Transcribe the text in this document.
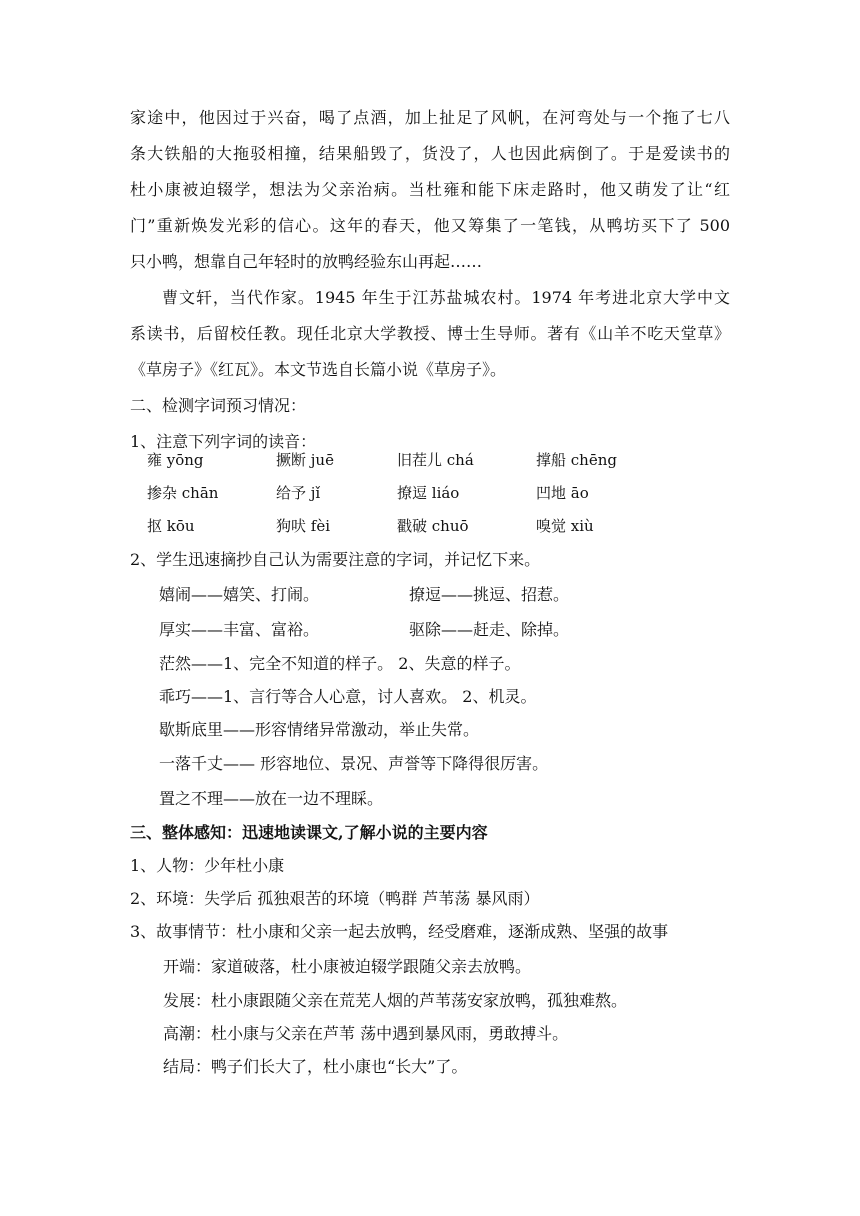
家途中，他因过于兴奋，喝了点酒，加上扯足了风帆，在河弯处与一个拖了七八
条大铁船的大拖驳相撞，结果船毁了，货没了，人也因此病倒了。于是爱读书的
杜小康被迫辍学，想法为父亲治病。当杜雍和能下床走路时，他又萌发了让“红
门”重新焕发光彩的信心。这年的春天，他又筹集了一笔钱，从鸭坊买下了 500
只小鸭，想靠自己年轻时的放鸭经验东山再起……
曹文轩，当代作家。1945 年生于江苏盐城农村。1974 年考进北京大学中文
系读书，后留校任教。现任北京大学教授、博士生导师。著有《山羊不吃天堂草》
《草房子》《红瓦》。本文节选自长篇小说《草房子》。
二、检测字词预习情况：
1、注意下列字词的读音：
雍 yōng	撅断 juē	旧茬儿 chá	撑船 chēng
掺杂 chān	给予 jǐ	撩逗 liáo	凹地 āo
抠 kōu	狗吠 fèi	戳破 chuō	嗅觉 xiù
2、学生迅速摘抄自己认为需要注意的字词，并记忆下来。
嬉闹——嬉笑、打闹。	撩逗——挑逗、招惹。
厚实——丰富、富裕。	驱除——赶走、除掉。
茫然——1、完全不知道的样子。 2、失意的样子。
乖巧——1、言行等合人心意，讨人喜欢。 2、机灵。
歇斯底里——形容情绪异常激动，举止失常。
一落千丈—— 形容地位、景况、声誉等下降得很厉害。
置之不理——放在一边不理睬。
三、整体感知：迅速地读课文,了解小说的主要内容
1、人物：少年杜小康
2、环境：失学后 孤独艰苦的环境（鸭群 芦苇荡 暴风雨）
3、故事情节：杜小康和父亲一起去放鸭，经受磨难，逐渐成熟、坚强的故事
开端：家道破落，杜小康被迫辍学跟随父亲去放鸭。
发展：杜小康跟随父亲在荒芜人烟的芦苇荡安家放鸭，孤独难熬。
高潮：杜小康与父亲在芦苇 荡中遇到暴风雨，勇敢搏斗。
结局：鸭子们长大了，杜小康也“长大”了。
